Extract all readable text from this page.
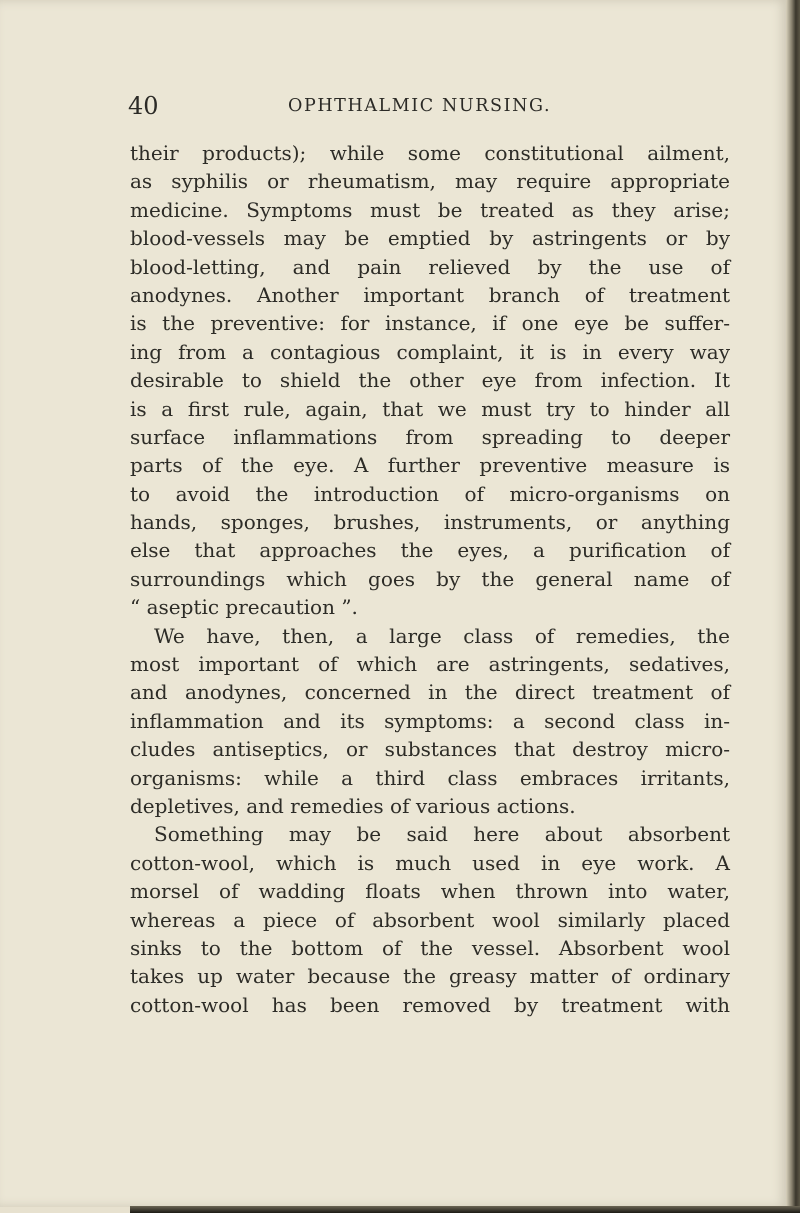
40	OPHTHALMIC NURSING.
their products); while some constitutional ailment,
as syphilis or rheumatism, may require appropriate
medicine. Symptoms must be treated as they arise;
blood-vessels may be emptied by astringents or by
blood-letting, and pain relieved by the use of
anodynes. Another important branch of treatment
is the preventive: for instance, if one eye be suffer-
ing from a contagious complaint, it is in every way
desirable to shield the other eye from infection. It
is a first rule, again, that we must try to hinder all
surface inflammations from spreading to deeper
parts of the eye. A further preventive measure is
to avoid the introduction of micro-organisms on
hands, sponges, brushes, instruments, or anything
else that approaches the eyes, a purification of
surroundings which goes by the general name of
“ aseptic precaution ”.
We have, then, a large class of remedies, the
most important of which are astringents, sedatives,
and anodynes, concerned in the direct treatment of
inflammation and its symptoms: a second class in-
cludes antiseptics, or substances that destroy micro-
organisms: while a third class embraces irritants,
depletives, and remedies of various actions.
Something may be said here about absorbent
cotton-wool, which is much used in eye work. A
morsel of wadding floats when thrown into water,
whereas a piece of absorbent wool similarly placed
sinks to the bottom of the vessel. Absorbent wool
takes up water because the greasy matter of ordinary
cotton-wool has been removed by treatment with
